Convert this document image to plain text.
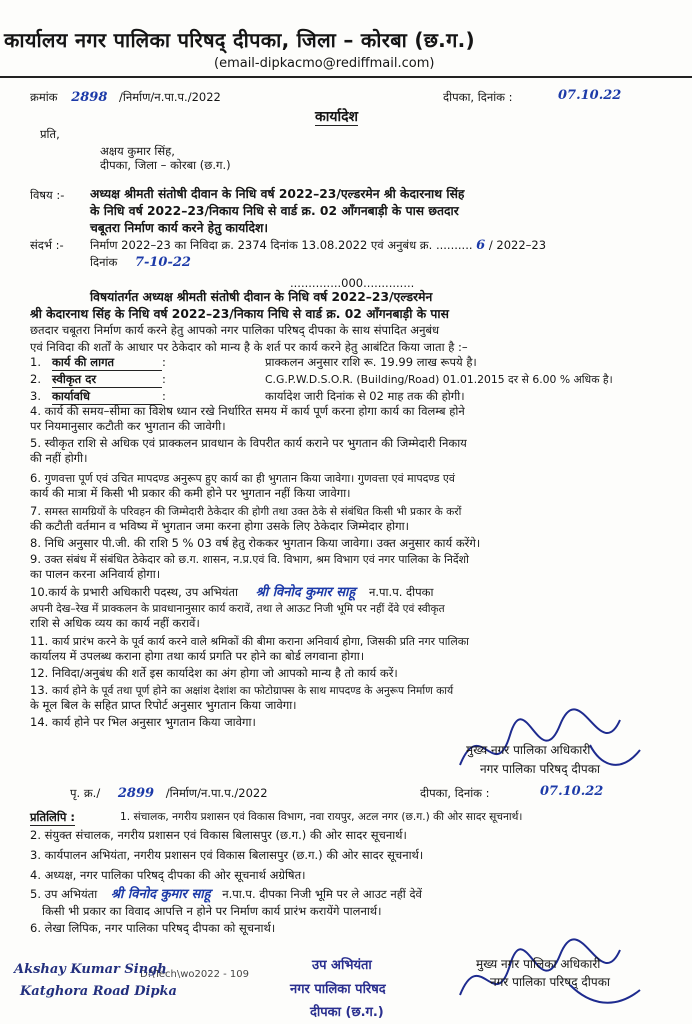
कार्यालय नगर पालिका परिषद् दीपका, जिला – कोरबा (छ.ग.)
(email-dipkacmo@rediffmail.com)
क्रमांक 2898 /निर्माण/न.पा.प./2022	दीपका, दिनांक :	07.10.22
कार्यादेश
प्रति,
अक्षय कुमार सिंह,
दीपका, जिला – कोरबा (छ.ग.)
विषय :- अध्यक्ष श्रीमती संतोषी दीवान के निधि वर्ष 2022–23/एल्डरमेन श्री केदारनाथ सिंह
के निधि वर्ष 2022–23/निकाय निधि से वार्ड क्र. 02 आँगनबाड़ी के पास छतदार
चबूतरा निर्माण कार्य करने हेतु कार्यादेश।
संदर्भ :- निर्माण 2022–23 का निविदा क्र. 2374 दिनांक 13.08.2022 एवं अनुबंध क्र. .......... 6 / 2022–23
दिनांक 7-10-22
..............000..............
विषयांतर्गत अध्यक्ष श्रीमती संतोषी दीवान के निधि वर्ष 2022–23/एल्डरमेन
श्री केदारनाथ सिंह के निधि वर्ष 2022–23/निकाय निधि से वार्ड क्र. 02 आँगनबाड़ी के पास
छतदार चबूतरा निर्माण कार्य करने हेतु आपको नगर पालिका परिषद् दीपका के साथ संपादित अनुबंध
एवं निविदा की शर्तों के आधार पर ठेकेदार को मान्य है के शर्त पर कार्य करने हेतु आबंटित किया जाता है :–
1. कार्य की लागत	:	प्राक्कलन अनुसार राशि रू. 19.99 लाख रूपये है।
2. स्वीकृत दर	:	C.G.P.W.D.S.O.R. (Building/Road) 01.01.2015 दर से 6.00 % अधिक है।
3. कार्यावधि	:	कार्यादेश जारी दिनांक से 02 माह तक की होगी।
4. कार्य की समय–सीमा का विशेष ध्यान रखे निर्धारित समय में कार्य पूर्ण करना होगा कार्य का विलम्ब होने
पर नियमानुसार कटौती कर भुगतान की जावेगी।
5. स्वीकृत राशि से अधिक एवं प्राक्कलन प्रावधान के विपरीत कार्य कराने पर भुगतान की जिम्मेदारी निकाय
की नहीं होगी।
6. गुणवत्ता पूर्ण एवं उचित मापदण्ड अनुरूप हुए कार्य का ही भुगतान किया जावेगा। गुणवत्ता एवं मापदण्ड एवं
कार्य की मात्रा में किसी भी प्रकार की कमी होने पर भुगतान नहीं किया जावेगा।
7. समस्त सामग्रियों के परिवहन की जिम्मेदारी ठेकेदार की होगी तथा उक्त ठेके से संबंधित किसी भी प्रकार के करों
की कटौती वर्तमान व भविष्य में भुगतान जमा करना होगा उसके लिए ठेकेदार जिम्मेदार होगा।
8. निधि अनुसार पी.जी. की राशि 5 % 03 वर्ष हेतु रोककर भुगतान किया जावेगा। उक्त अनुसार कार्य करेंगे।
9. उक्त संबंध में संबंधित ठेकेदार को छ.ग. शासन, न.प्र.एवं वि. विभाग, श्रम विभाग एवं नगर पालिका के निर्देशो
का पालन करना अनिवार्य होगा।
10.कार्य के प्रभारी अधिकारी पदस्थ, उप अभियंता श्री विनोद कुमार साहू न.पा.प. दीपका
अपनी देख–रेख में प्राक्कलन के प्रावधानानुसार कार्य करावें, तथा ले आऊट निजी भूमि पर नहीं देंवे एवं स्वीकृत
राशि से अधिक व्यय का कार्य नहीं करावें।
11. कार्य प्रारंभ करने के पूर्व कार्य करने वाले श्रमिकों की बीमा कराना अनिवार्य होगा, जिसकी प्रति नगर पालिका
कार्यालय में उपलब्ध कराना होगा तथा कार्य प्रगति पर होने का बोर्ड लगवाना होगा।
12. निविदा/अनुबंध की शर्ते इस कार्यादेश का अंग होगा जो आपको मान्य है तो कार्य करें।
13. कार्य होने के पूर्व तथा पूर्ण होने का अक्षांश देशांश का फोटोग्राफ्स के साथ मापदण्ड के अनुरूप निर्माण कार्य
के मूल बिल के सहित प्राप्त रिपोर्ट अनुसार भुगतान किया जावेगा।
14. कार्य होने पर भिल अनुसार भुगतान किया जावेगा।
मुख्य नगर पालिका अधिकारी
नगर पालिका परिषद् दीपका
पृ. क्र./ 2899 /निर्माण/न.पा.प./2022	दीपका, दिनांक :	07.10.22
प्रतिलिपि :	1. संचालक, नगरीय प्रशासन एवं विकास विभाग, नवा रायपुर, अटल नगर (छ.ग.) की ओर सादर सूचनार्थ।
2. संयुक्त संचालक, नगरीय प्रशासन एवं विकास बिलासपुर (छ.ग.) की ओर सादर सूचनार्थ।
3. कार्यपालन अभियंता, नगरीय प्रशासन एवं विकास बिलासपुर (छ.ग.) की ओर सादर सूचनार्थ।
4. अध्यक्ष, नगर पालिका परिषद् दीपका की ओर सूचनार्थ अग्रेषित।
5. उप अभियंता श्री विनोद कुमार साहू न.पा.प. दीपका निजी भूमि पर ले आउट नहीं देवें
किसी भी प्रकार का विवाद आपत्ति न होने पर निर्माण कार्य प्रारंभ करायेंगे पालनार्थ।
6. लेखा लिपिक, नगर पालिका परिषद् दीपका को सूचनार्थ।
मुख्य नगर पालिका अधिकारी
नगर पालिका परिषद् दीपका
D:\Tech\wo2022 - 109
Akshay Kumar Singh
Katghora Road Dipka
उप अभियंता
नगर पालिका परिषद
दीपका (छ.ग.)
